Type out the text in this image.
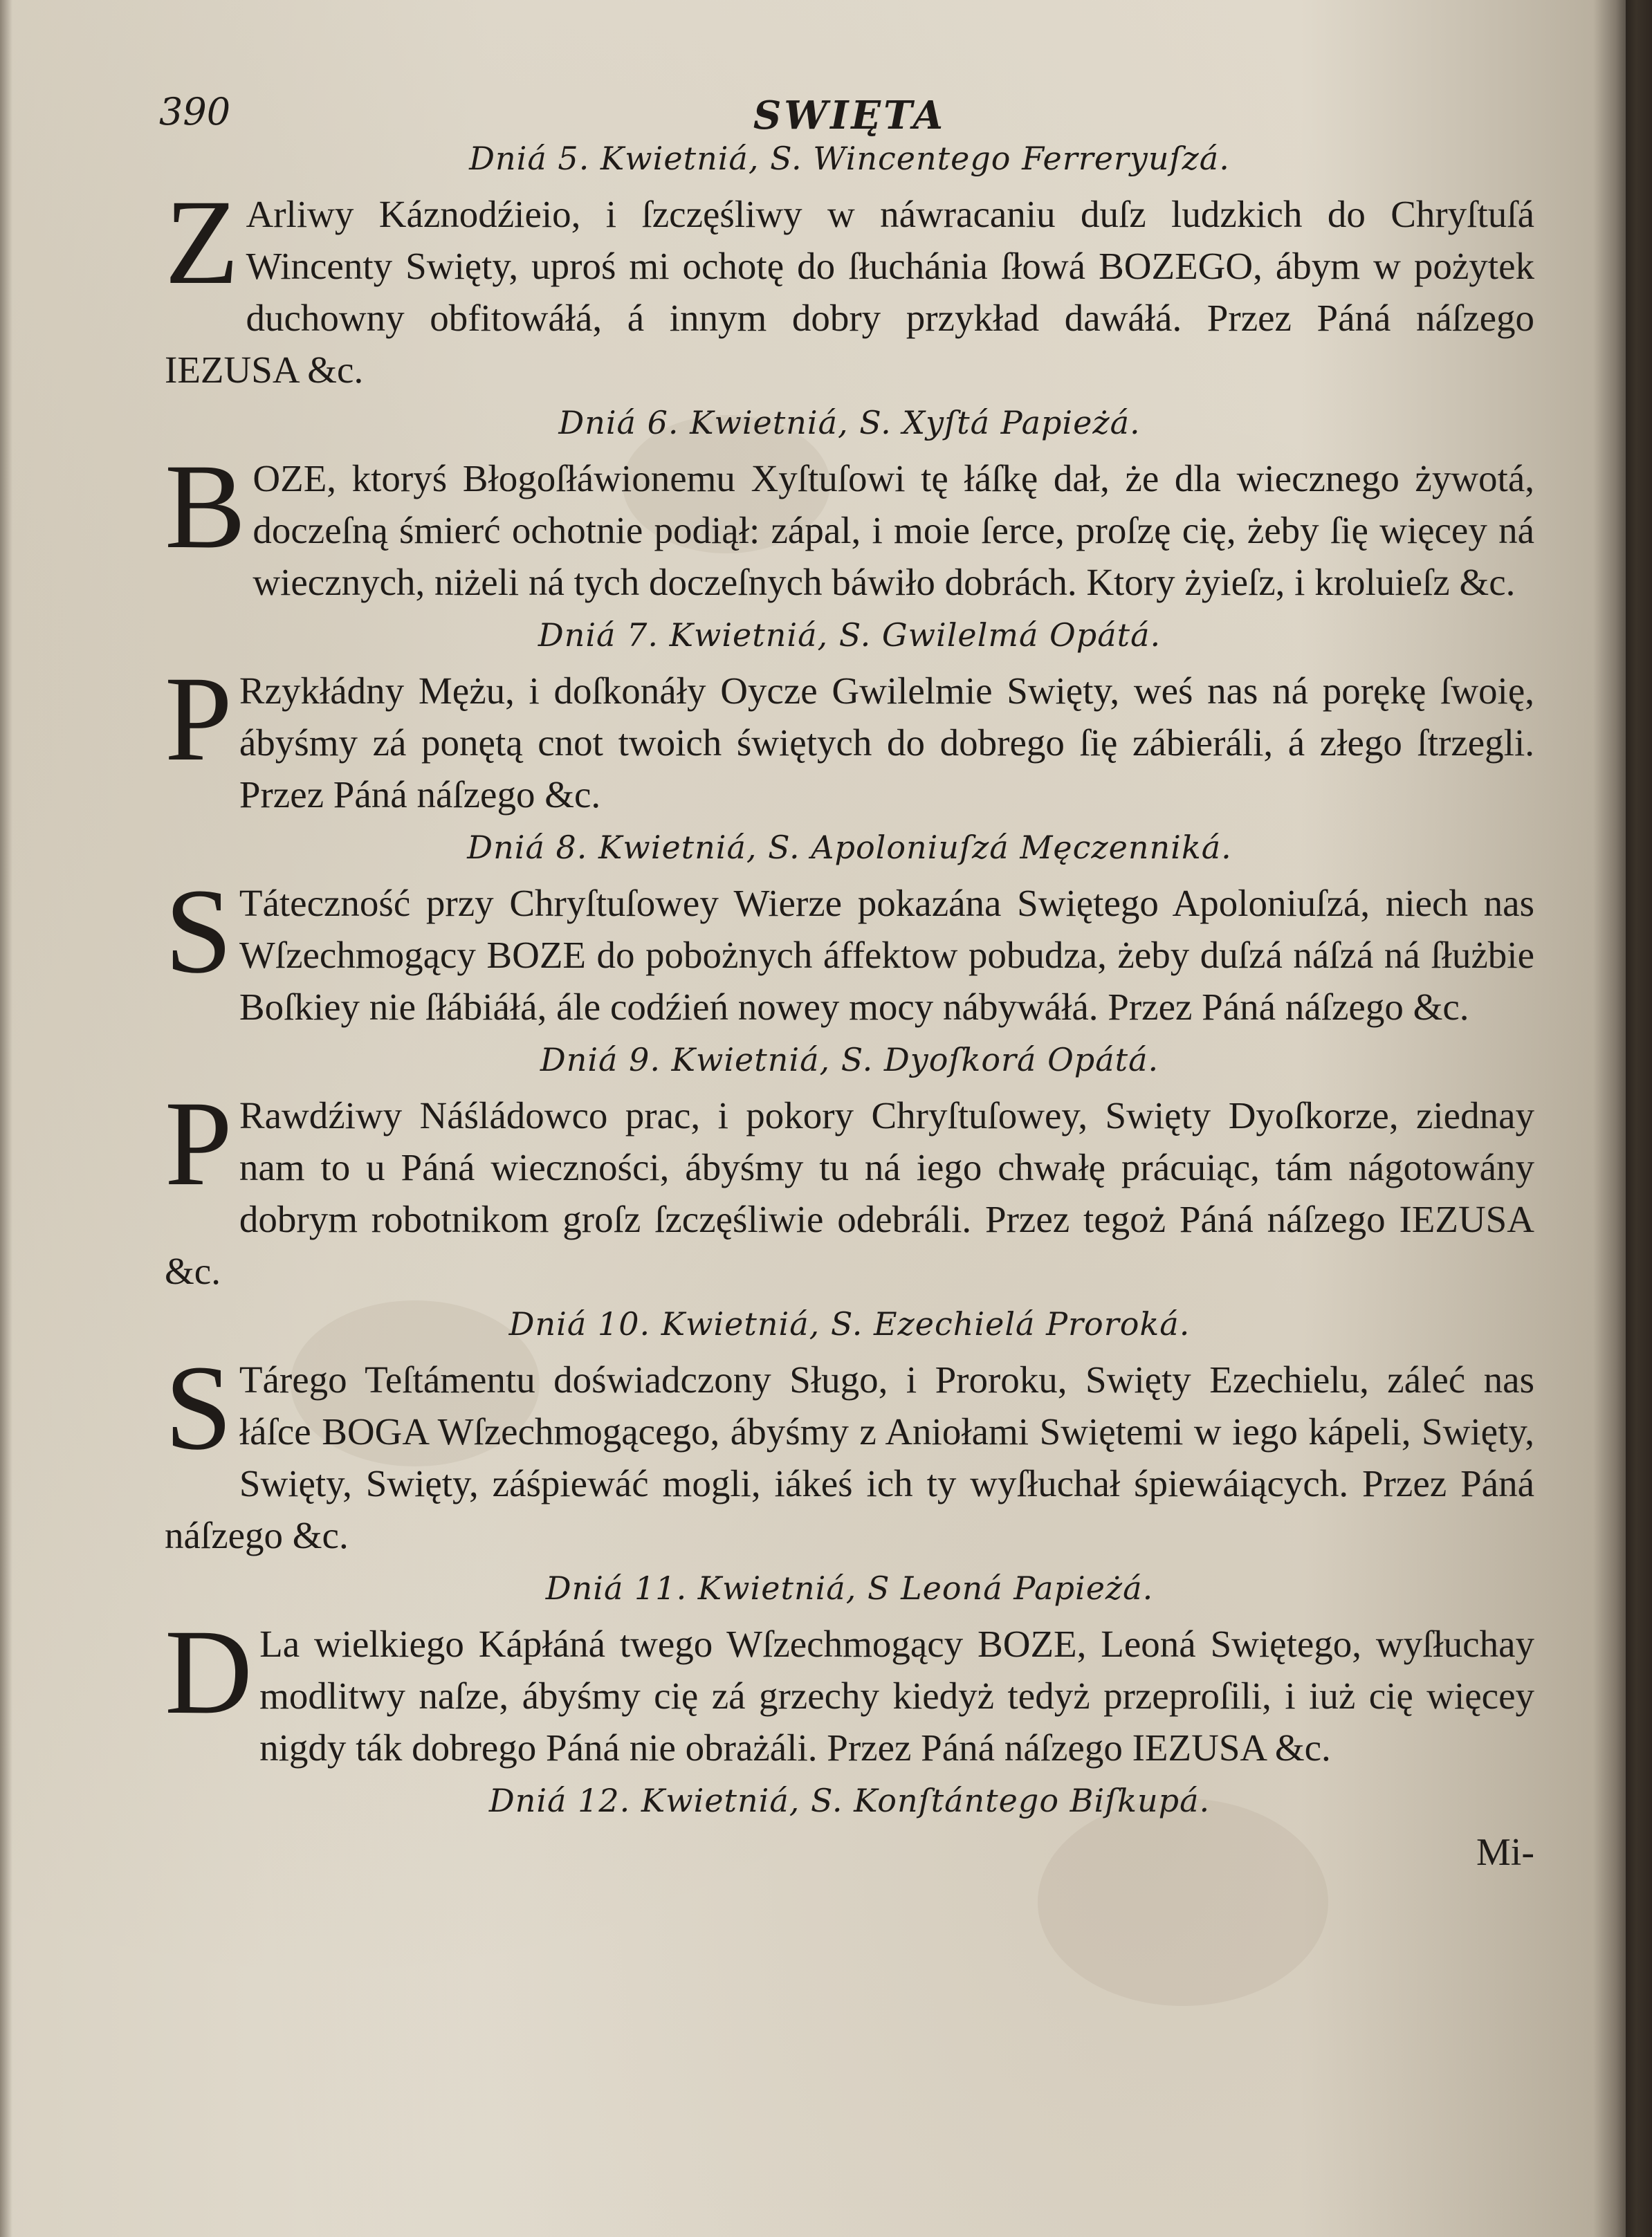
390	SWIĘTA
Dniá 5. Kwietniá, S. Wincentego Ferreryuſzá.
Z Arliwy Káznodźieio, i ſzczęśliwy w náwracaniu duſz ludzkich do Chryſtuſá Wincenty Swięty, uproś mi ochotę do ſłuchánia ſłowá BOZEGO, ábym w pożytek duchowny obfitowáłá, á innym dobry przykład dawáłá. Przez Páná náſzego IEZUSA &c.
Dniá 6. Kwietniá, S. Xyſtá Papieżá.
B OZE, ktoryś Błogoſłáwionemu Xyſtuſowi tę łáſkę dał, że dla wiecznego żywotá, doczeſną śmierć ochotnie podiął: zápal, i moie ſerce, proſzę cię, żeby ſię więcey ná wiecznych, niżeli ná tych doczeſnych báwiło dobrách. Ktory żyieſz, i kroluieſz &c.
Dniá 7. Kwietniá, S. Gwilelmá Opátá.
P Rzykłádny Mężu, i doſkonáły Oycze Gwilelmie Swięty, weś nas ná porękę ſwoię, ábyśmy zá ponętą cnot twoich świętych do dobrego ſię zábieráli, á złego ſtrzegli. Przez Páná náſzego &c.
Dniá 8. Kwietniá, S. Apoloniuſzá Męczenniká.
S Táteczność przy Chryſtuſowey Wierze pokazána Swiętego Apoloniuſzá, niech nas Wſzechmogący BOZE do pobożnych áffektow pobudza, żeby duſzá náſzá ná ſłużbie Boſkiey nie ſłábiáłá, ále codźień nowey mocy nábywáłá. Przez Páná náſzego &c.
Dniá 9. Kwietniá, S. Dyoſkorá Opátá.
P Rawdźiwy Náśládowco prac, i pokory Chryſtuſowey, Swięty Dyoſkorze, ziednay nam to u Páná wieczności, ábyśmy tu ná iego chwałę prácuiąc, tám nágotowány dobrym robotnikom groſz ſzczęśliwie odebráli. Przez tegoż Páná náſzego IEZUSA &c.
Dniá 10. Kwietniá, S. Ezechielá Proroká.
S Tárego Teſtámentu doświadczony Sługo, i Proroku, Swięty Ezechielu, záleć nas łáſce BOGA Wſzechmogącego, ábyśmy z Aniołami Swiętemi w iego kápeli, Swięty, Swięty, Swięty, záśpiewáć mogli, iákeś ich ty wyſłuchał śpiewáiących. Przez Páná náſzego &c.
Dniá 11. Kwietniá, S Leoná Papieżá.
D La wielkiego Kápłáná twego Wſzechmogący BOZE, Leoná Swiętego, wyſłuchay modlitwy naſze, ábyśmy cię zá grzechy kiedyż tedyż przeproſili, i iuż cię więcey nigdy ták dobrego Páná nie obrażáli. Przez Páná náſzego IEZUSA &c.
Dniá 12. Kwietniá, S. Konſtántego Biſkupá.
Mi-
